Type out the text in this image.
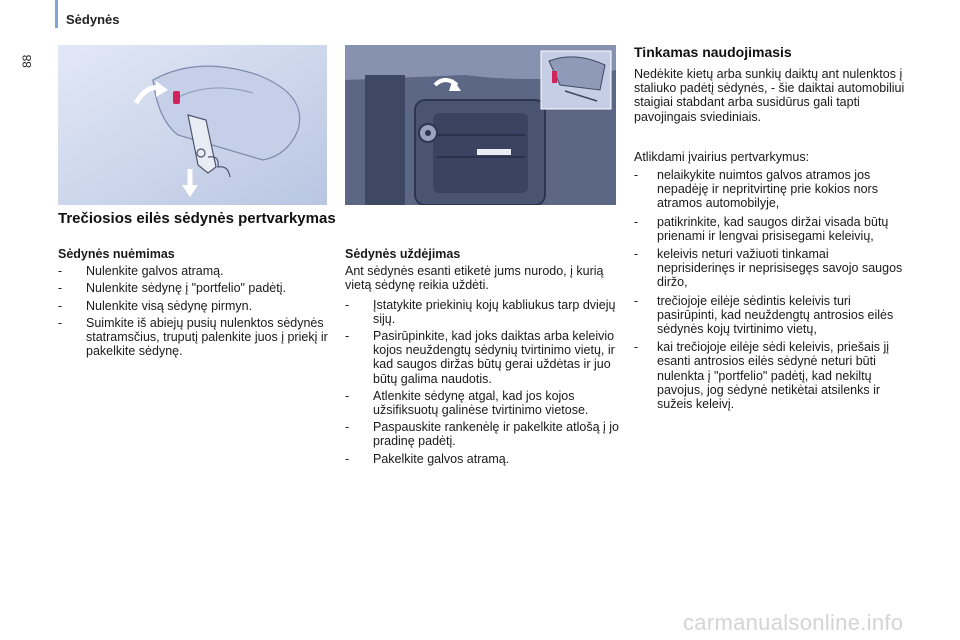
Sėdynės
88
Trečiosios eilės sėdynės pertvarkymas
Sėdynės nuėmimas
- Nulenkite galvos atramą.
- Nulenkite sėdynę į "portfelio" padėtį.
- Nulenkite visą sėdynę pirmyn.
- Suimkite iš abiejų pusių nulenktos sėdynės statramsčius, truputį palenkite juos į priekį ir pakelkite sėdynę.
Sėdynės uždėjimas
Ant sėdynės esanti etiketė jums nurodo, į kurią vietą sėdynę reikia uždėti.
- Įstatykite priekinių kojų kabliukus tarp dviejų sijų.
- Pasirūpinkite, kad joks daiktas arba keleivio kojos neuždengtų sėdynių tvirtinimo vietų, ir kad saugos diržas būtų gerai uždėtas ir juo būtų galima naudotis.
- Atlenkite sėdynę atgal, kad jos kojos užsifiksuotų galinėse tvirtinimo vietose.
- Paspauskite rankenėlę ir pakelkite atlošą į jo pradinę padėtį.
- Pakelkite galvos atramą.
Tinkamas naudojimasis
Nedėkite kietų arba sunkių daiktų ant nulenktos į staliuko padėtį sėdynės, - šie daiktai automobiliui staigiai stabdant arba susidūrus gali tapti pavojingais sviediniais.
Atlikdami įvairius pertvarkymus:
- nelaikykite nuimtos galvos atramos jos nepadėję ir nepritvirtinę prie kokios nors atramos automobilyje,
- patikrinkite, kad saugos diržai visada būtų prienami ir lengvai prisisegami keleivių,
- keleivis neturi važiuoti tinkamai neprisiderinęs ir neprisisegęs savojo saugos diržo,
- trečiojoje eilėje sėdintis keleivis turi pasirūpinti, kad neuždengtų antrosios eilės sėdynės kojų tvirtinimo vietų,
- kai trečiojoje eilėje sėdi keleivis, priešais jį esanti antrosios eilės sėdynė neturi būti nulenkta į "portfelio" padėtį, kad nekiltų pavojus, jog sėdynė netikėtai atsilenks ir sužeis keleivį.
carmanualsonline.info
